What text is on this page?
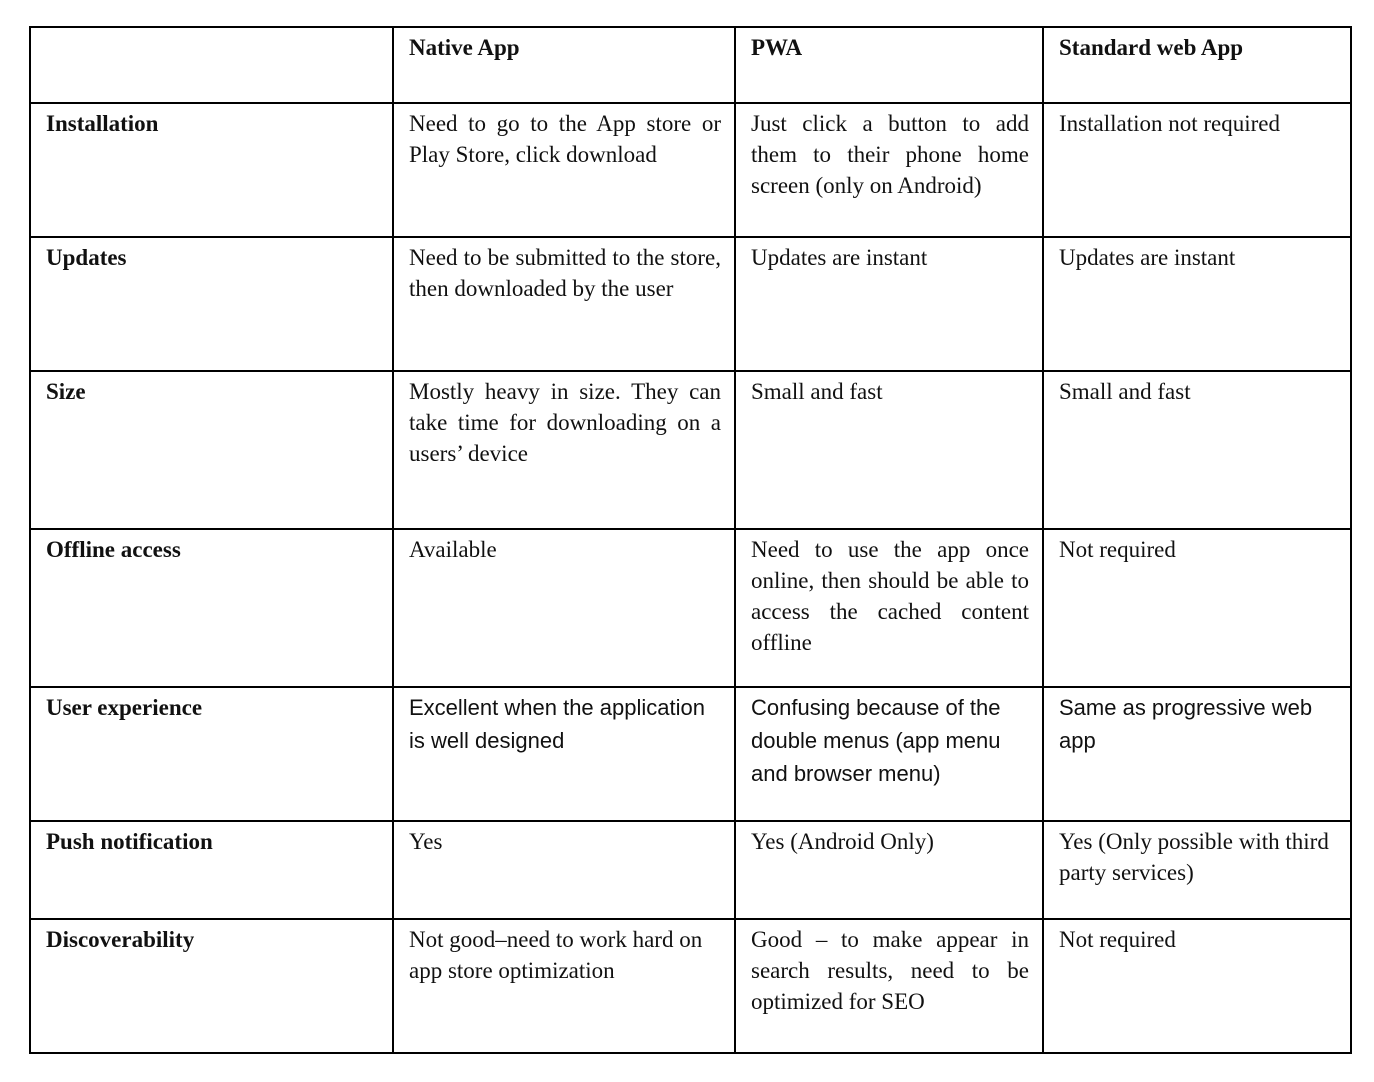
	Native App	PWA	Standard web App
Installation	Need to go to the App store or Play Store, click download	Just click a button to add them to their phone home screen (only on Android)	Installation not required
Updates	Need to be submitted to the store, then downloaded by the user	Updates are instant	Updates are instant
Size	Mostly heavy in size. They can take time for downloading on a users’ device	Small and fast	Small and fast
Offline access	Available	Need to use the app once online, then should be able to access the cached content offline	Not required
User experience	Excellent when the application is well designed	Confusing because of the double menus (app menu and browser menu)	Same as progressive web app
Push notification	Yes	Yes (Android Only)	Yes (Only possible with third party services)
Discoverability	Not good–need to work hard on app store optimization	Good – to make appear in search results, need to be optimized for SEO	Not required
